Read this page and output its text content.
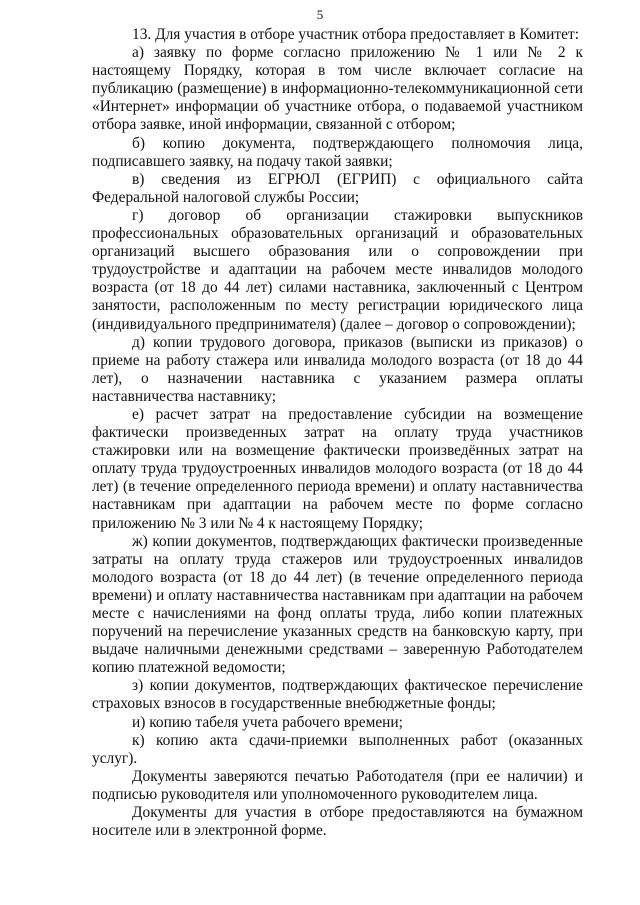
5

13. Для участия в отборе участник отбора предоставляет в Комитет:

а) заявку по форме согласно приложению № 1 или № 2 к настоящему Порядку, которая в том числе включает согласие на публикацию (размещение) в информационно-телекоммуникационной сети «Интернет» информации об участнике отбора, о подаваемой участником отбора заявке, иной информации, связанной с отбором;

б) копию документа, подтверждающего полномочия лица, подписавшего заявку, на подачу такой заявки;

в) сведения из ЕГРЮЛ (ЕГРИП) с официального сайта Федеральной налоговой службы России;

г) договор об организации стажировки выпускников профессиональных образовательных организаций и образовательных организаций высшего образования или о сопровождении при трудоустройстве и адаптации на рабочем месте инвалидов молодого возраста (от 18 до 44 лет) силами наставника, заключенный с Центром занятости, расположенным по месту регистрации юридического лица (индивидуального предпринимателя) (далее – договор о сопровождении);

д) копии трудового договора, приказов (выписки из приказов) о приеме на работу стажера или инвалида молодого возраста (от 18 до 44 лет), о назначении наставника с указанием размера оплаты наставничества наставнику;

е) расчет затрат на предоставление субсидии на возмещение фактически произведенных затрат на оплату труда участников стажировки или на возмещение фактически произведённых затрат на оплату труда трудоустроенных инвалидов молодого возраста (от 18 до 44 лет) (в течение определенного периода времени) и оплату наставничества наставникам при адаптации на рабочем месте по форме согласно приложению № 3 или № 4 к настоящему Порядку;

ж) копии документов, подтверждающих фактически произведенные затраты на оплату труда стажеров или трудоустроенных инвалидов молодого возраста (от 18 до 44 лет) (в течение определенного периода времени) и оплату наставничества наставникам при адаптации на рабочем месте с начислениями на фонд оплаты труда, либо копии платежных поручений на перечисление указанных средств на банковскую карту, при выдаче наличными денежными средствами – заверенную Работодателем копию платежной ведомости;

з) копии документов, подтверждающих фактическое перечисление страховых взносов в государственные внебюджетные фонды;

и) копию табеля учета рабочего времени;

к) копию акта сдачи-приемки выполненных работ (оказанных услуг).

Документы заверяются печатью Работодателя (при ее наличии) и подписью руководителя или уполномоченного руководителем лица.

Документы для участия в отборе предоставляются на бумажном носителе или в электронной форме.
